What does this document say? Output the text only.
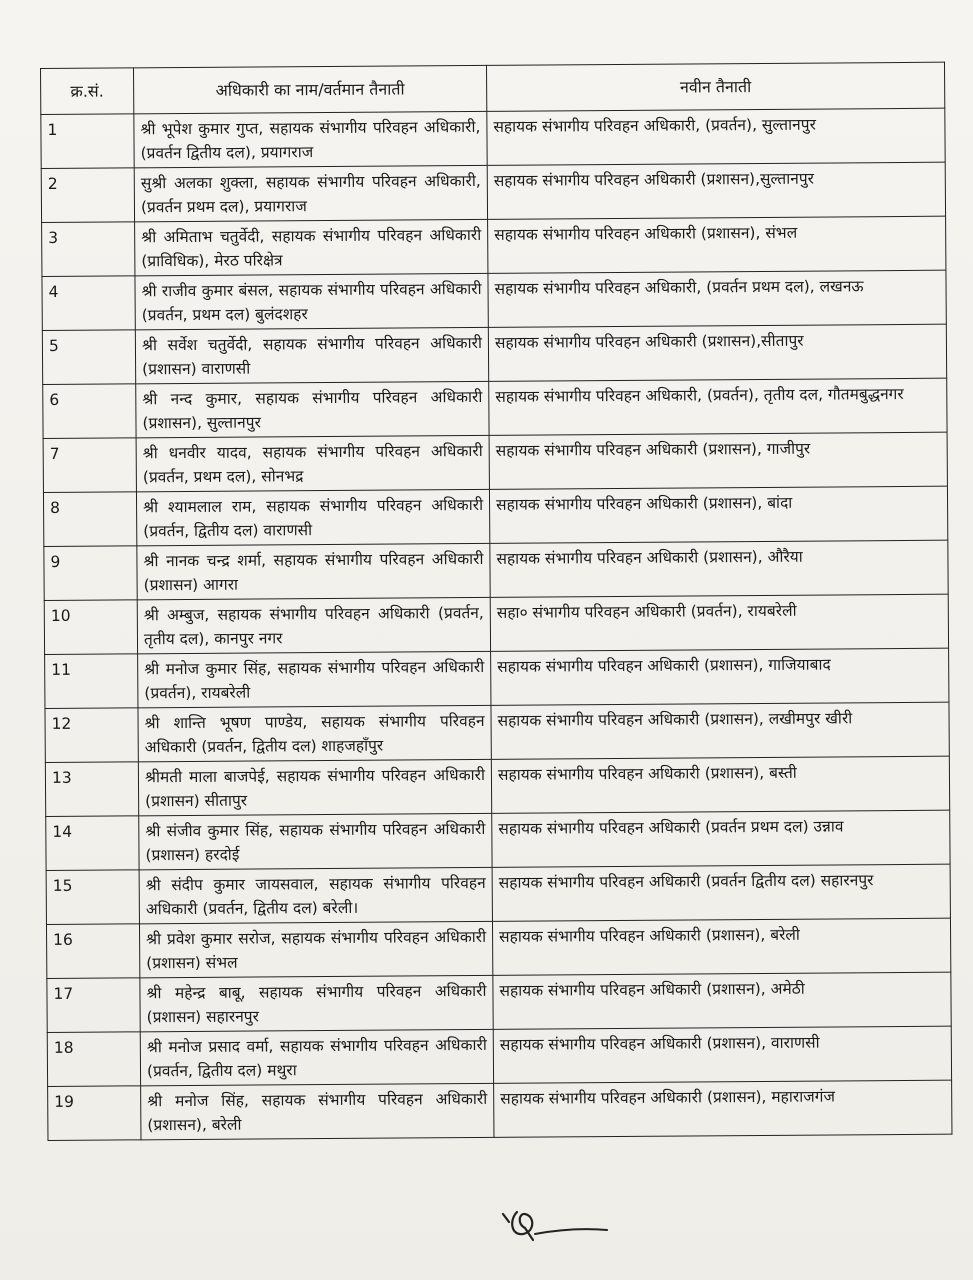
क्र.सं.	अधिकारी का नाम/वर्तमान तैनाती	नवीन तैनाती
1	श्री भूपेश कुमार गुप्त, सहायक संभागीय परिवहन अधिकारी, (प्रवर्तन द्वितीय दल), प्रयागराज	सहायक संभागीय परिवहन अधिकारी, (प्रवर्तन), सुल्तानपुर
2	सुश्री अलका शुक्ला, सहायक संभागीय परिवहन अधिकारी, (प्रवर्तन प्रथम दल), प्रयागराज	सहायक संभागीय परिवहन अधिकारी (प्रशासन),सुल्तानपुर
3	श्री अमिताभ चतुर्वेदी, सहायक संभागीय परिवहन अधिकारी (प्राविधिक), मेरठ परिक्षेत्र	सहायक संभागीय परिवहन अधिकारी (प्रशासन), संभल
4	श्री राजीव कुमार बंसल, सहायक संभागीय परिवहन अधिकारी (प्रवर्तन, प्रथम दल) बुलंदशहर	सहायक संभागीय परिवहन अधिकारी, (प्रवर्तन प्रथम दल), लखनऊ
5	श्री सर्वेश चतुर्वेदी, सहायक संभागीय परिवहन अधिकारी (प्रशासन) वाराणसी	सहायक संभागीय परिवहन अधिकारी (प्रशासन),सीतापुर
6	श्री नन्द कुमार, सहायक संभागीय परिवहन अधिकारी (प्रशासन), सुल्तानपुर	सहायक संभागीय परिवहन अधिकारी, (प्रवर्तन), तृतीय दल, गौतमबुद्धनगर
7	श्री धनवीर यादव, सहायक संभागीय परिवहन अधिकारी (प्रवर्तन, प्रथम दल), सोनभद्र	सहायक संभागीय परिवहन अधिकारी (प्रशासन), गाजीपुर
8	श्री श्यामलाल राम, सहायक संभागीय परिवहन अधिकारी (प्रवर्तन, द्वितीय दल) वाराणसी	सहायक संभागीय परिवहन अधिकारी (प्रशासन), बांदा
9	श्री नानक चन्द्र शर्मा, सहायक संभागीय परिवहन अधिकारी (प्रशासन) आगरा	सहायक संभागीय परिवहन अधिकारी (प्रशासन), औरैया
10	श्री अम्बुज, सहायक संभागीय परिवहन अधिकारी (प्रवर्तन, तृतीय दल), कानपुर नगर	सहा० संभागीय परिवहन अधिकारी (प्रवर्तन), रायबरेली
11	श्री मनोज कुमार सिंह, सहायक संभागीय परिवहन अधिकारी (प्रवर्तन), रायबरेली	सहायक संभागीय परिवहन अधिकारी (प्रशासन), गाजियाबाद
12	श्री शान्ति भूषण पाण्डेय, सहायक संभागीय परिवहन अधिकारी (प्रवर्तन, द्वितीय दल) शाहजहाँपुर	सहायक संभागीय परिवहन अधिकारी (प्रशासन), लखीमपुर खीरी
13	श्रीमती माला बाजपेई, सहायक संभागीय परिवहन अधिकारी (प्रशासन) सीतापुर	सहायक संभागीय परिवहन अधिकारी (प्रशासन), बस्ती
14	श्री संजीव कुमार सिंह, सहायक संभागीय परिवहन अधिकारी (प्रशासन) हरदोई	सहायक संभागीय परिवहन अधिकारी (प्रवर्तन प्रथम दल) उन्नाव
15	श्री संदीप कुमार जायसवाल, सहायक संभागीय परिवहन अधिकारी (प्रवर्तन, द्वितीय दल) बरेली।	सहायक संभागीय परिवहन अधिकारी (प्रवर्तन द्वितीय दल) सहारनपुर
16	श्री प्रवेश कुमार सरोज, सहायक संभागीय परिवहन अधिकारी (प्रशासन) संभल	सहायक संभागीय परिवहन अधिकारी (प्रशासन), बरेली
17	श्री महेन्द्र बाबू, सहायक संभागीय परिवहन अधिकारी (प्रशासन) सहारनपुर	सहायक संभागीय परिवहन अधिकारी (प्रशासन), अमेठी
18	श्री मनोज प्रसाद वर्मा, सहायक संभागीय परिवहन अधिकारी (प्रवर्तन, द्वितीय दल) मथुरा	सहायक संभागीय परिवहन अधिकारी (प्रशासन), वाराणसी
19	श्री मनोज सिंह, सहायक संभागीय परिवहन अधिकारी (प्रशासन), बरेली	सहायक संभागीय परिवहन अधिकारी (प्रशासन), महाराजगंज
